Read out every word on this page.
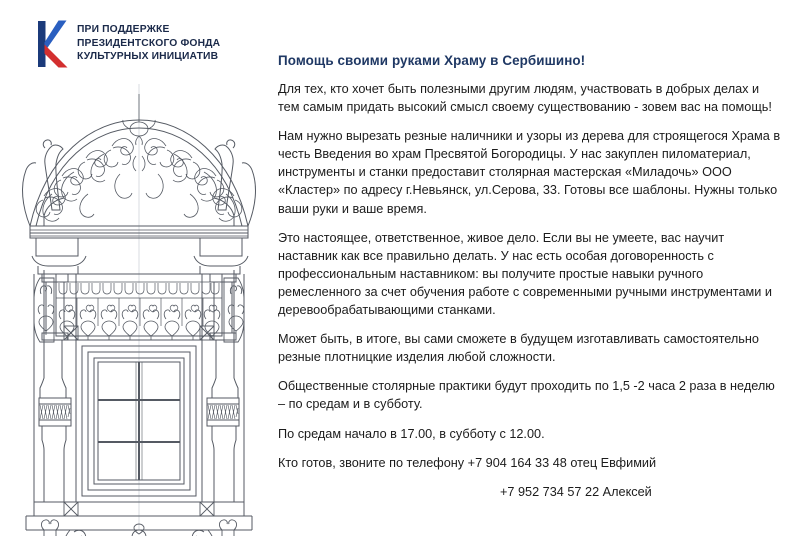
ПРИ ПОДДЕРЖКЕ
ПРЕЗИДЕНТСКОГО ФОНДА
КУЛЬТУРНЫХ ИНИЦИАТИВ	Помощь своими руками Храму в Сербишино!

Для тех, кто хочет быть полезными другим людям, участвовать в добрых делах и тем самым придать высокий смысл своему существованию - зовем вас на помощь!

Нам нужно вырезать резные наличники и узоры из дерева для строящегося Храма в честь Введения во храм Пресвятой Богородицы. У нас закуплен пиломатериал, инструменты и станки предоставит столярная мастерская «Миладочь» ООО «Кластер» по адресу г.Невьянск, ул.Серова, 33. Готовы все шаблоны. Нужны только ваши руки и ваше время.

Это настоящее, ответственное, живое дело. Если вы не умеете, вас научит наставник как все правильно делать. У нас есть особая договоренность с профессиональным наставником: вы получите простые навыки ручного ремесленного за счет обучения работе с современными ручными инструментами и деревообрабатывающими станками.

Может быть, в итоге, вы сами сможете в будущем изготавливать самостоятельно резные плотницкие изделия любой сложности.

Общественные столярные практики будут проходить по 1,5 -2 часа 2 раза в неделю – по средам и в субботу.

По средам начало в 17.00, в субботу с 12.00.

Кто готов, звоните по телефону +7 904 164 33 48 отец Евфимий

+7 952 734 57 22 Алексей
